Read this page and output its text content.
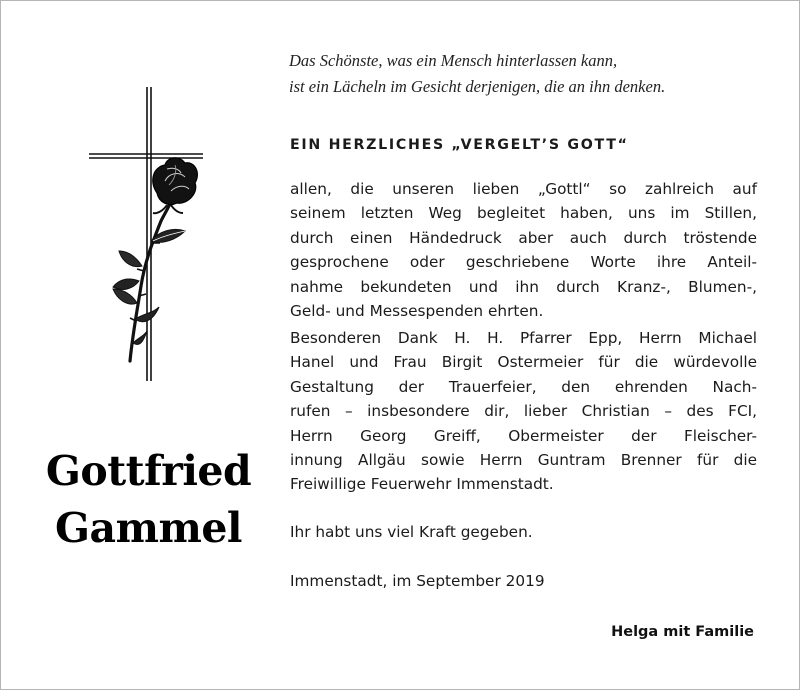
Das Schönste, was ein Mensch hinterlassen kann,
ist ein Lächeln im Gesicht derjenigen, die an ihn denken.
EIN HERZLICHES „VERGELT’S GOTT“
allen, die unseren lieben „Gottl“ so zahlreich auf
seinem letzten Weg begleitet haben, uns im Stillen,
durch einen Händedruck aber auch durch tröstende
gesprochene oder geschriebene Worte ihre Anteil-
nahme bekundeten und ihn durch Kranz-, Blumen-,
Geld- und Messespenden ehrten.
Besonderen Dank H. H. Pfarrer Epp, Herrn Michael
Hanel und Frau Birgit Ostermeier für die würdevolle
Gestaltung der Trauerfeier, den ehrenden Nach-
rufen – insbesondere dir, lieber Christian – des FCI,
Herrn Georg Greiff, Obermeister der Fleischer-
innung Allgäu sowie Herrn Guntram Brenner für die
Freiwillige Feuerwehr Immenstadt.
Ihr habt uns viel Kraft gegeben.
Immenstadt, im September 2019
Helga mit Familie
Gottfried
Gammel
